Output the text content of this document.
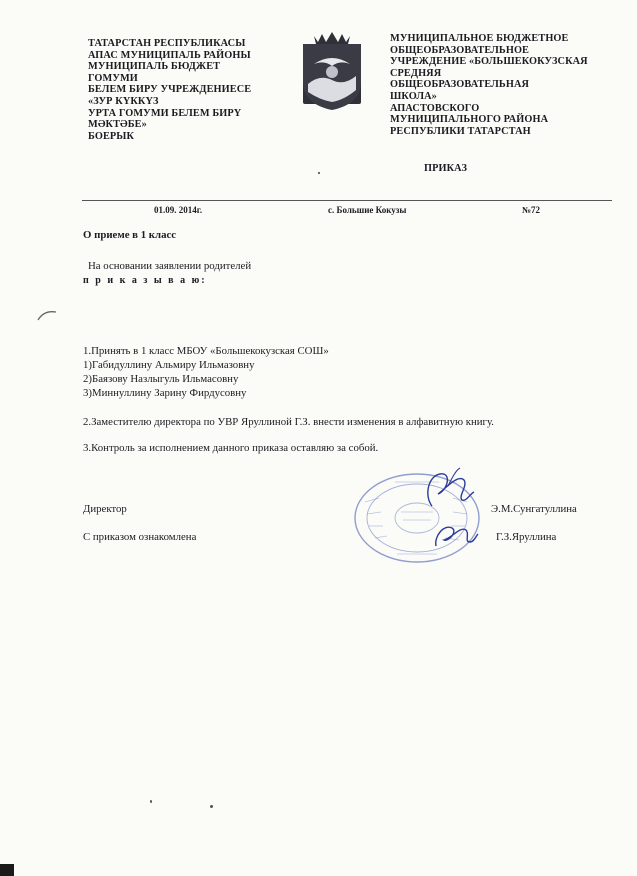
ТАТАРСТАН РЕСПУБЛИКАСЫ
АПАС МУНИЦИПАЛЬ РАЙОНЫ
МУНИЦИПАЛЬ БЮДЖЕТ
ГОМУМИ
БЕЛЕМ БИРУ УЧРЕЖДЕНИЕСЕ
«ЗУР КҮККҮЗ
УРТА ГОМУМИ БЕЛЕМ БИРҮ
МӘКТӘБЕ»
БОЕРЫК
МУНИЦИПАЛЬНОЕ БЮДЖЕТНОЕ
ОБЩЕОБРАЗОВАТЕЛЬНОЕ
УЧРЕЖДЕНИЕ «БОЛЬШЕКОКУЗСКАЯ
СРЕДНЯЯ
ОБЩЕОБРАЗОВАТЕЛЬНАЯ
ШКОЛА»
АПАСТОВСКОГО
МУНИЦИПАЛЬНОГО РАЙОНА
РЕСПУБЛИКИ ТАТАРСТАН
ПРИКАЗ
01.09. 2014г.	с. Большие Кокузы	№72
О приеме в 1 класс
На основании заявлении родителей
п р и к а з ы в а ю:
1.Принять в 1 класс МБОУ «Большекокузская СОШ»
1)Габидуллину Альмиру Ильмазовну
2)Баязову Назлыгуль Ильмасовну
3)Миннуллину Зарину Фирдусовну
2.Заместителю директора по УВР Яруллиной Г.З. внести изменения в алфавитную книгу.
3.Контроль за исполнением данного приказа оставляю за собой.
Директор	Э.М.Сунгатуллина
С приказом ознакомлена	Г.З.Яруллина
